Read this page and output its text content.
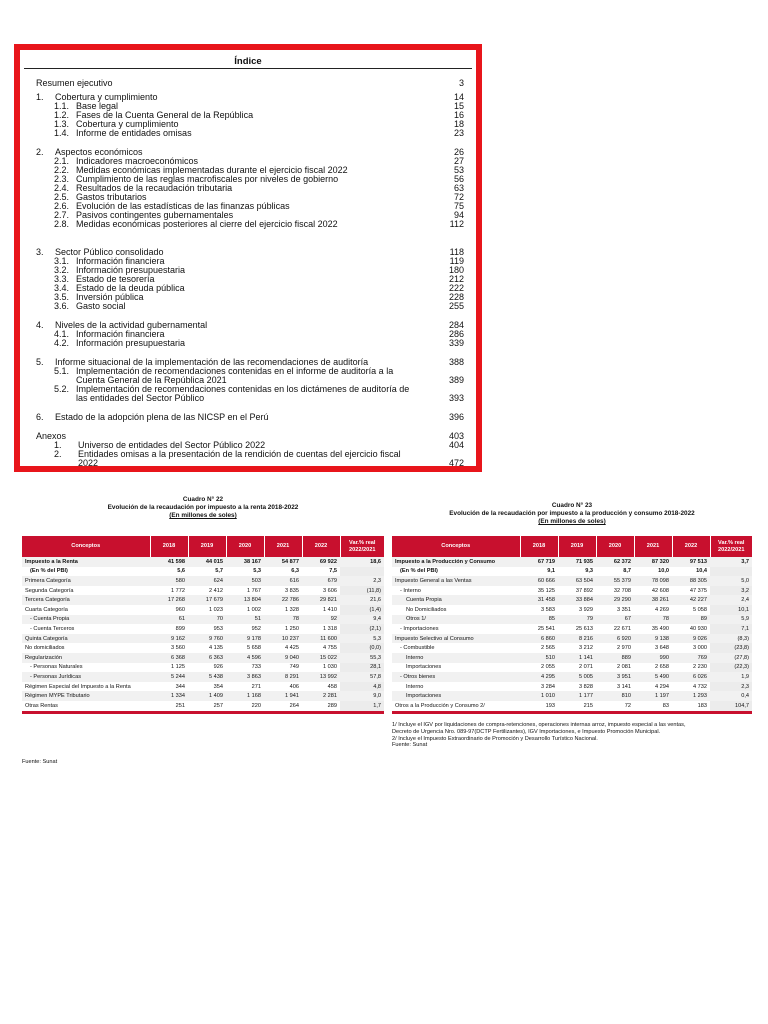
Índice
Resumen ejecutivo	3
1. Cobertura y cumplimiento	14
1.1. Base legal	15
1.2. Fases de la Cuenta General de la República	16
1.3. Cobertura y cumplimiento	18
1.4. Informe de entidades omisas	23
2. Aspectos económicos	26
2.1. Indicadores macroeconómicos	27
2.2. Medidas económicas implementadas durante el ejercicio fiscal 2022	53
2.3. Cumplimiento de las reglas macrofiscales por niveles de gobierno	56
2.4. Resultados de la recaudación tributaria	63
2.5. Gastos tributarios	72
2.6. Evolución de las estadísticas de las finanzas públicas	75
2.7. Pasivos contingentes gubernamentales	94
2.8. Medidas económicas posteriores al cierre del ejercicio fiscal 2022	112
3. Sector Público consolidado	118
3.1. Información financiera	119
3.2. Información presupuestaria	180
3.3. Estado de tesorería	212
3.4. Estado de la deuda pública	222
3.5. Inversión pública	228
3.6. Gasto social	255
4. Niveles de la actividad gubernamental	284
4.1. Información financiera	286
4.2. Información presupuestaria	339
5. Informe situacional de la implementación de las recomendaciones de auditoría	388
5.1. Implementación de recomendaciones contenidas en el informe de auditoría a la
Cuenta General de la República 2021	389
5.2. Implementación de recomendaciones contenidas en los dictámenes de auditoría de
las entidades del Sector Público	393
6. Estado de la adopción plena de las NICSP en el Perú	396
Anexos	403
1. Universo de entidades del Sector Público 2022	404
2. Entidades omisas a la presentación de la rendición de cuentas del ejercicio fiscal
2022	472
Cuadro N° 22
Evolución de la recaudación por impuesto a la renta 2018-2022
(En millones de soles)
Conceptos	2018	2019	2020	2021	2022	Var.% real 2022/2021
Impuesto a la Renta	41 598	44 015	38 167	54 877	69 922	18,6
(En % del PBI)	5,6	5,7	5,3	6,3	7,5	
Primera Categoría	580	624	503	616	679	2,3
Segunda Categoría	1 772	2 412	1 767	3 835	3 606	(11,8)
Tercera Categoría	17 268	17 679	13 804	22 786	29 821	21,6
Cuarta Categoría	960	1 023	1 002	1 328	1 410	(1,4)
- Cuenta Propia	61	70	51	78	92	9,4
- Cuenta Terceros	899	953	952	1 250	1 318	(2,1)
Quinta Categoría	9 162	9 760	9 178	10 237	11 600	5,3
No domiciliados	3 560	4 135	5 658	4 425	4 755	(0,0)
Regularización	6 368	6 363	4 596	9 040	15 022	55,3
- Personas Naturales	1 125	926	733	749	1 030	28,1
- Personas Jurídicas	5 244	5 438	3 863	8 291	13 992	57,8
Régimen Especial del Impuesto a la Renta	344	354	271	406	458	4,8
Régimen MYPE Tributario	1 334	1 409	1 168	1 941	2 281	9,0
Otras Rentas	251	257	220	264	289	1,7
Fuente: Sunat
Cuadro N° 23
Evolución de la recaudación por impuesto a la producción y consumo 2018-2022
(En millones de soles)
Conceptos	2018	2019	2020	2021	2022	Var.% real 2022/2021
Impuesto a la Producción y Consumo	67 719	71 935	62 372	87 320	97 513	3,7
(En % del PBI)	9,1	9,3	8,7	10,0	10,4	
Impuesto General a las Ventas	60 666	63 504	55 379	78 098	88 305	5,0
- Interno	35 125	37 892	32 708	42 608	47 375	3,2
Cuenta Propia	31 458	33 884	29 290	38 261	42 227	2,4
No Domiciliados	3 583	3 929	3 351	4 269	5 058	10,1
Otros 1/	85	79	67	78	89	5,9
- Importaciones	25 541	25 613	22 671	35 490	40 930	7,1
Impuesto Selectivo al Consumo	6 860	8 216	6 920	9 138	9 026	(8,3)
- Combustible	2 565	3 212	2 970	3 648	3 000	(23,8)
Interno	510	1 141	889	990	769	(27,8)
Importaciones	2 055	2 071	2 081	2 658	2 230	(22,3)
- Otros bienes	4 295	5 005	3 951	5 490	6 026	1,9
Interno	3 284	3 828	3 141	4 294	4 732	2,3
Importaciones	1 010	1 177	810	1 197	1 293	0,4
Otros a la Producción y Consumo 2/	193	215	72	83	183	104,7
1/ Incluye el IGV por liquidaciones de compra-retenciones, operaciones internas arroz, impuesto especial a las ventas,
Decreto de Urgencia Nro. 089-97(DCTP Fertilizantes), IGV Importaciones, e Impuesto Promoción Municipal.
2/ Incluye el Impuesto Extraordinario de Promoción y Desarrollo Turístico Nacional.
Fuente: Sunat
